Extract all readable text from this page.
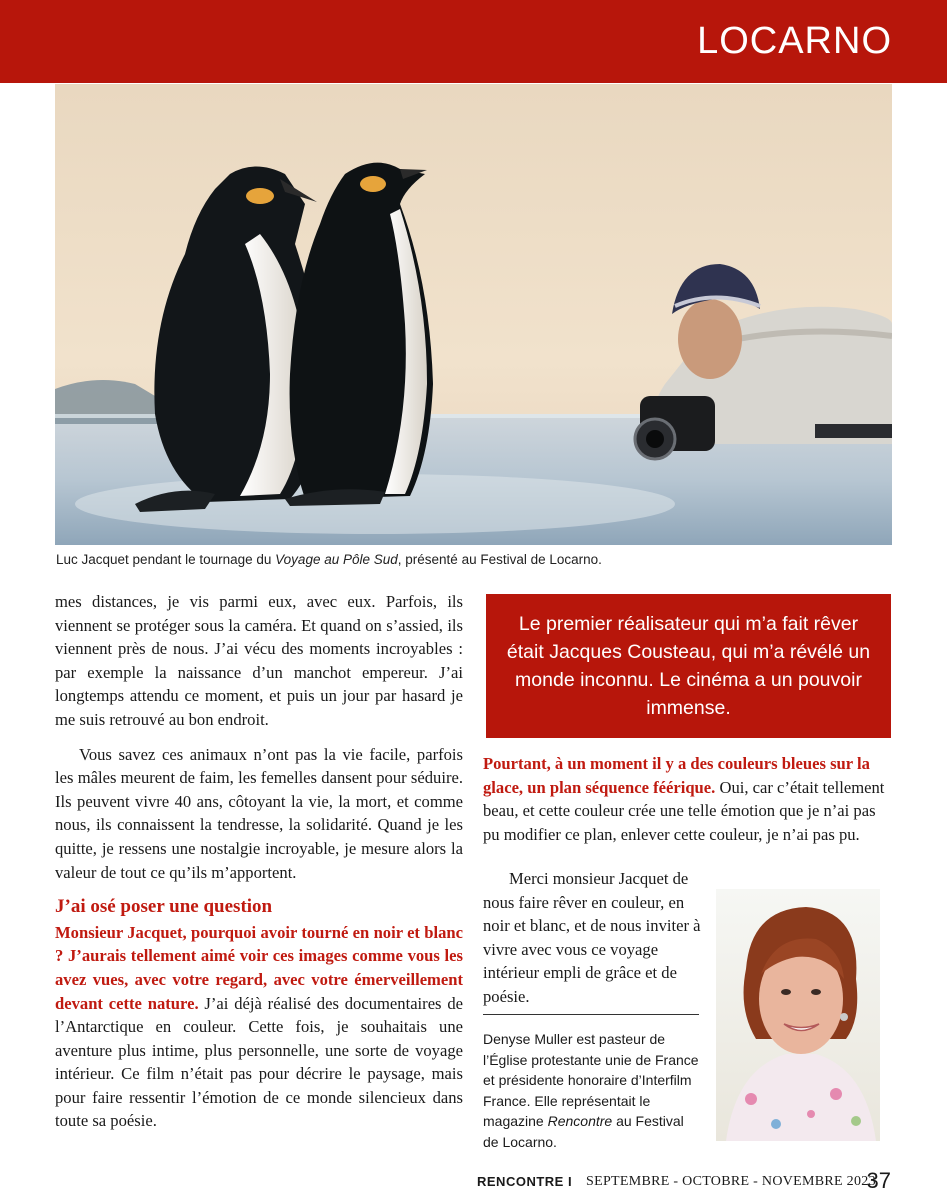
LOCARNO
Luc Jacquet pendant le tournage du Voyage au Pôle Sud, présenté au Festival de Locarno.

mes distances, je vis parmi eux, avec eux. Parfois, ils viennent se protéger sous la caméra. Et quand on s’assied, ils viennent près de nous. J’ai vécu des moments incroyables : par exemple la naissance d’un manchot empereur. J’ai longtemps attendu ce moment, et puis un jour par hasard je me suis retrouvé au bon endroit.

Vous savez ces animaux n’ont pas la vie facile, parfois les mâles meurent de faim, les femelles dansent pour séduire. Ils peuvent vivre 40 ans, côtoyant la vie, la mort, et comme nous, ils connaissent la tendresse, la solidarité. Quand je les quitte, je ressens une nostalgie incroyable, je mesure alors la valeur de tout ce qu’ils m’apportent.

J’ai osé poser une question

Monsieur Jacquet, pourquoi avoir tourné en noir et blanc ? J’aurais tellement aimé voir ces images comme vous les avez vues, avec votre regard, avec votre émerveillement devant cette nature. J’ai déjà réalisé des documentaires de l’Antarctique en couleur. Cette fois, je souhaitais une aventure plus intime, plus personnelle, une sorte de voyage intérieur. Ce film n’était pas pour décrire le paysage, mais pour faire ressentir l’émotion de ce monde silencieux dans toute sa poésie.

Le premier réalisateur qui m’a fait rêver était Jacques Cousteau, qui m’a révélé un monde inconnu. Le cinéma a un pouvoir immense.

Pourtant, à un moment il y a des couleurs bleues sur la glace, un plan séquence féérique. Oui, car c’était tellement beau, et cette couleur crée une telle émotion que je n’ai pas pu modifier ce plan, enlever cette couleur, je n’ai pas pu.

Merci monsieur Jacquet de nous faire rêver en couleur, en noir et blanc, et de nous inviter à vivre avec vous ce voyage intérieur empli de grâce et de poésie.

Denyse Muller est pasteur de l’Église protestante unie de France et présidente honoraire d’Interfilm France. Elle représentait le magazine Rencontre au Festival de Locarno.

RENCONTRE I SEPTEMBRE - OCTOBRE - NOVEMBRE 2023
37
